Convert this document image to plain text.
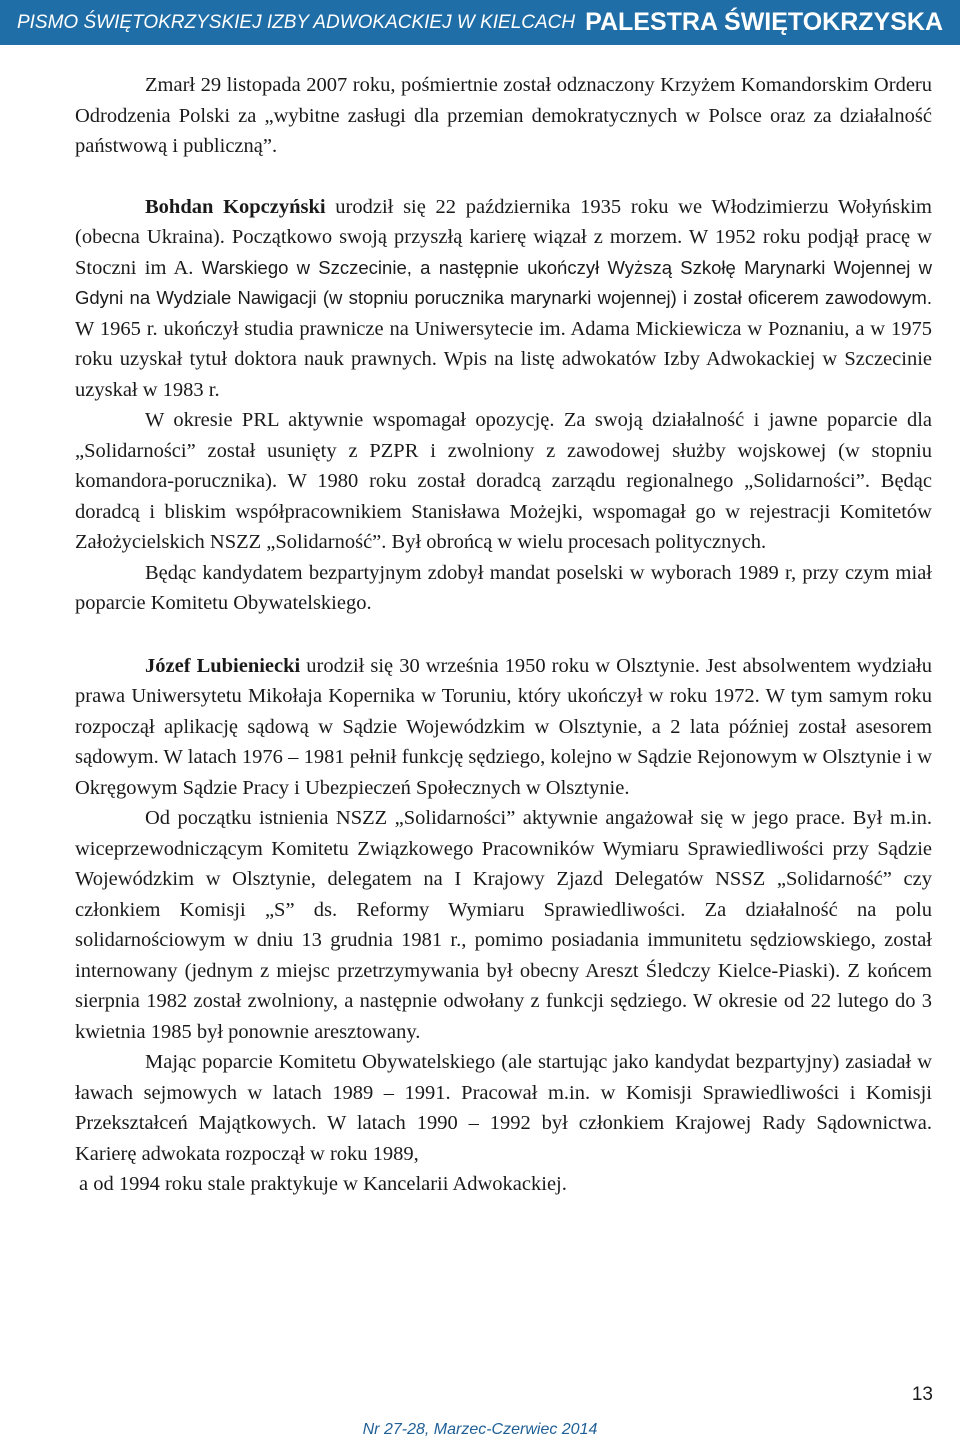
PISMO ŚWIĘTOKRZYSKIEJ IZBY ADWOKACKIEJ W KIELCACH PALESTRA ŚWIĘTOKRZYSKA

Zmarł 29 listopada 2007 roku, pośmiertnie został odznaczony Krzyżem Komandorskim Orderu Odrodzenia Polski za „wybitne zasługi dla przemian demokratycznych w Polsce oraz za działalność państwową i publiczną”.

Bohdan Kopczyński urodził się 22 października 1935 roku we Włodzimierzu Wołyńskim (obecna Ukraina). Początkowo swoją przyszłą karierę wiązał z morzem. W 1952 roku podjął pracę w Stoczni im A. Warskiego w Szczecinie, a następnie ukończył Wyższą Szkołę Marynarki Wojennej w Gdyni na Wydziale Nawigacji (w stopniu porucznika marynarki wojennej) i został oficerem zawodowym. W 1965 r. ukończył studia prawnicze na Uniwersytecie im. Adama Mickiewicza w Poznaniu, a w 1975 roku uzyskał tytuł doktora nauk prawnych. Wpis na listę adwokatów Izby Adwokackiej w Szczecinie uzyskał w 1983 r.

W okresie PRL aktywnie wspomagał opozycję. Za swoją działalność i jawne poparcie dla „Solidarności” został usunięty z PZPR i zwolniony z zawodowej służby wojskowej (w stopniu komandora-porucznika). W 1980 roku został doradcą zarządu regionalnego „Solidarności”. Będąc doradcą i bliskim współpracownikiem Stanisława Możejki, wspomagał go w rejestracji Komitetów Założycielskich NSZZ „Solidarność”. Był obrońcą w wielu procesach politycznych.

Będąc kandydatem bezpartyjnym zdobył mandat poselski w wyborach 1989 r, przy czym miał poparcie Komitetu Obywatelskiego.

Józef Lubieniecki urodził się 30 września 1950 roku w Olsztynie. Jest absolwentem wydziału prawa Uniwersytetu Mikołaja Kopernika w Toruniu, który ukończył w roku 1972. W tym samym roku rozpoczął aplikację sądową w Sądzie Wojewódzkim w Olsztynie, a 2 lata później został asesorem sądowym. W latach 1976 – 1981 pełnił funkcję sędziego, kolejno w Sądzie Rejonowym w Olsztynie i w Okręgowym Sądzie Pracy i Ubezpieczeń Społecznych w Olsztynie.

Od początku istnienia NSZZ „Solidarności” aktywnie angażował się w jego prace. Był m.in. wiceprzewodniczącym Komitetu Związkowego Pracowników Wymiaru Sprawiedliwości przy Sądzie Wojewódzkim w Olsztynie, delegatem na I Krajowy Zjazd Delegatów NSSZ „Solidarność” czy członkiem Komisji „S” ds. Reformy Wymiaru Sprawiedliwości. Za działalność na polu solidarnościowym w dniu 13 grudnia 1981 r., pomimo posiadania immunitetu sędziowskiego, został internowany (jednym z miejsc przetrzymywania był obecny Areszt Śledczy Kielce-Piaski). Z końcem sierpnia 1982 został zwolniony, a następnie odwołany z funkcji sędziego. W okresie od 22 lutego do 3 kwietnia 1985 był ponownie aresztowany.

Mając poparcie Komitetu Obywatelskiego (ale startując jako kandydat bezpartyjny) zasiadał w ławach sejmowych w latach 1989 – 1991. Pracował m.in. w Komisji Sprawiedliwości i Komisji Przekształceń Majątkowych. W latach 1990 – 1992 był członkiem Krajowej Rady Sądownictwa. Karierę adwokata rozpoczął w roku 1989,

a od 1994 roku stale praktykuje w Kancelarii Adwokackiej.

13
Nr 27-28, Marzec-Czerwiec 2014
